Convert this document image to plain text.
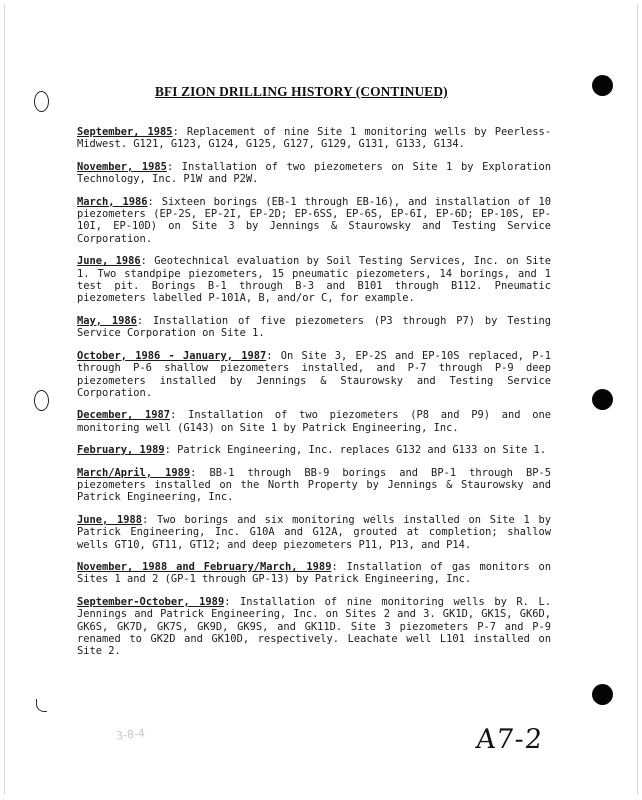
BFI ZION DRILLING HISTORY (CONTINUED)

September, 1985: Replacement of nine Site 1 monitoring wells by Peerless-Midwest. G121, G123, G124, G125, G127, G129, G131, G133, G134.

November, 1985: Installation of two piezometers on Site 1 by Exploration Technology, Inc. P1W and P2W.

March, 1986: Sixteen borings (EB-1 through EB-16), and installation of 10 piezometers (EP-2S, EP-2I, EP-2D; EP-6SS, EP-6S, EP-6I, EP-6D; EP-10S, EP-10I, EP-10D) on Site 3 by Jennings & Staurowsky and Testing Service Corporation.

June, 1986: Geotechnical evaluation by Soil Testing Services, Inc. on Site 1. Two standpipe piezometers, 15 pneumatic piezometers, 14 borings, and 1 test pit. Borings B-1 through B-3 and B101 through B112. Pneumatic piezometers labelled P-101A, B, and/or C, for example.

May, 1986: Installation of five piezometers (P3 through P7) by Testing Service Corporation on Site 1.

October, 1986 - January, 1987: On Site 3, EP-2S and EP-10S replaced, P-1 through P-6 shallow piezometers installed, and P-7 through P-9 deep piezometers installed by Jennings & Staurowsky and Testing Service Corporation.

December, 1987: Installation of two piezometers (P8 and P9) and one monitoring well (G143) on Site 1 by Patrick Engineering, Inc.

February, 1989: Patrick Engineering, Inc. replaces G132 and G133 on Site 1.

March/April, 1989: BB-1 through BB-9 borings and BP-1 through BP-5 piezometers installed on the North Property by Jennings & Staurowsky and Patrick Engineering, Inc.

June, 1988: Two borings and six monitoring wells installed on Site 1 by Patrick Engineering, Inc. G10A and G12A, grouted at completion; shallow wells GT10, GT11, GT12; and deep piezometers P11, P13, and P14.

November, 1988 and February/March, 1989: Installation of gas monitors on Sites 1 and 2 (GP-1 through GP-13) by Patrick Engineering, Inc.

September-October, 1989: Installation of nine monitoring wells by R. L. Jennings and Patrick Engineering, Inc. on Sites 2 and 3. GK1D, GK1S, GK6D, GK6S, GK7D, GK7S, GK9D, GK9S, and GK11D. Site 3 piezometers P-7 and P-9 renamed to GK2D and GK10D, respectively. Leachate well L101 installed on Site 2.

3-8-4	A7-2
